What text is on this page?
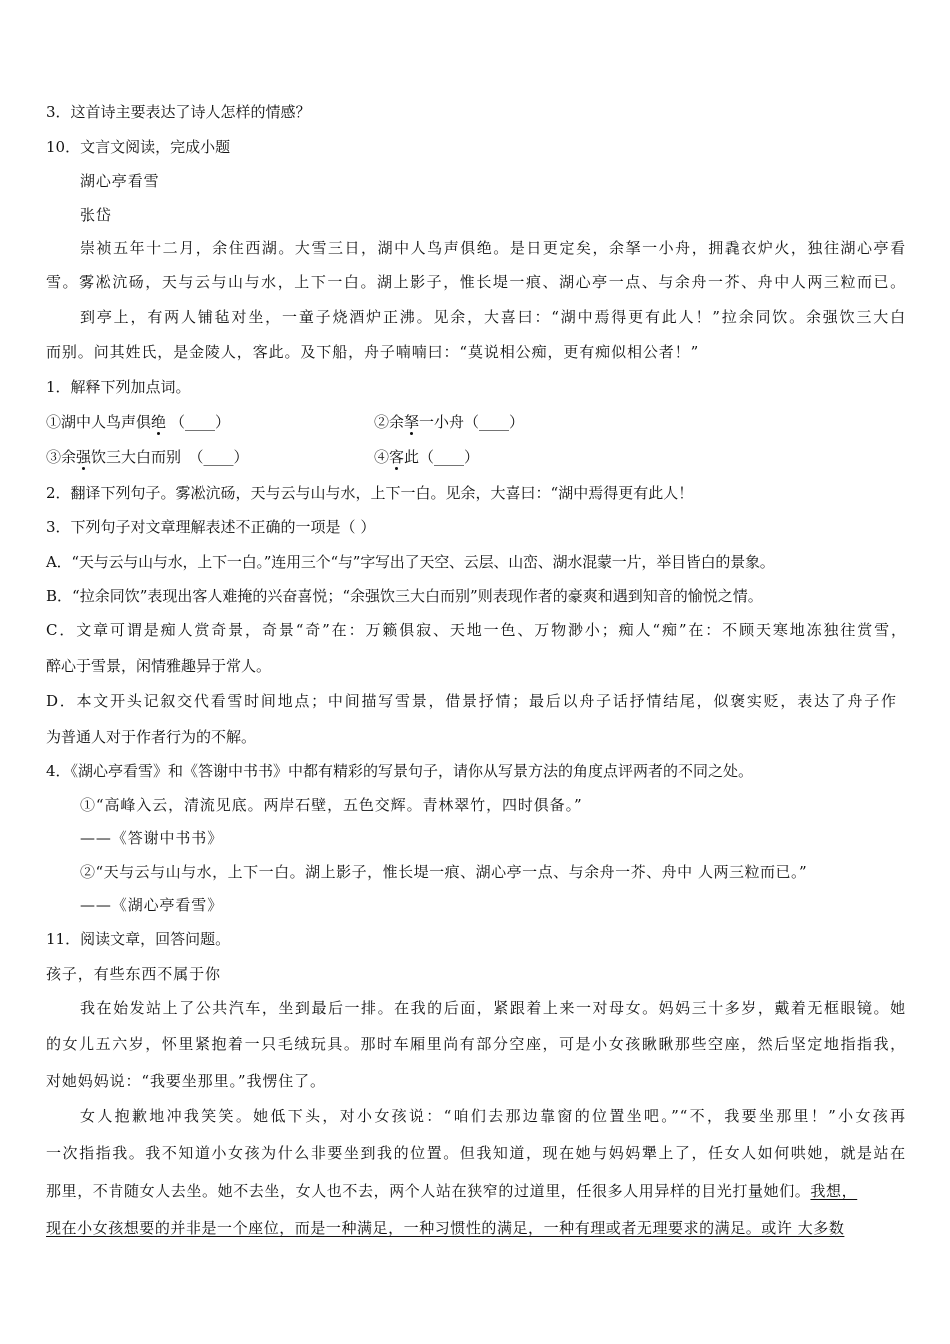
3．这首诗主要表达了诗人怎样的情感？
10．文言文阅读，完成小题
湖心亭看雪
张岱
崇祯五年十二月，余住西湖。大雪三日，湖中人鸟声俱绝。是日更定矣，余拏一小舟，拥毳衣炉火，独往湖心亭看
雪。雾凇沆砀，天与云与山与水，上下一白。湖上影子，惟长堤一痕、湖心亭一点、与余舟一芥、舟中人两三粒而已。
到亭上，有两人铺毡对坐，一童子烧酒炉正沸。见余，大喜曰：“湖中焉得更有此人！”拉余同饮。余强饮三大白
而别。问其姓氏，是金陵人，客此。及下船，舟子喃喃曰：“莫说相公痴，更有痴似相公者！”
1．解释下列加点词。
①湖中人鸟声俱绝 （____）	②余拏一小舟（____）
③余强饮三大白而别　（____）	④客此（____）
2．翻译下列句子。雾凇沆砀，天与云与山与水，上下一白。见余，大喜曰：“湖中焉得更有此人！
3．下列句子对文章理解表述不正确的一项是（ ）
A．“天与云与山与水，上下一白。”连用三个“与”字写出了天空、云层、山峦、湖水混蒙一片，举目皆白的景象。
B．“拉余同饮”表现出客人难掩的兴奋喜悦；“余强饮三大白而别”则表现作者的豪爽和遇到知音的愉悦之情。
C．文章可谓是痴人赏奇景，奇景“奇”在：万籁俱寂、天地一色、万物渺小；痴人“痴”在：不顾天寒地冻独往赏雪，
醉心于雪景，闲情雅趣异于常人。
D．本文开头记叙交代看雪时间地点；中间描写雪景，借景抒情；最后以舟子话抒情结尾，似褒实贬，表达了舟子作
为普通人对于作者行为的不解。
4．《湖心亭看雪》和《答谢中书书》中都有精彩的写景句子，请你从写景方法的角度点评两者的不同之处。
①“高峰入云，清流见底。两岸石壁，五色交辉。青林翠竹，四时俱备。”
——《答谢中书书》
②“天与云与山与水，上下一白。湖上影子，惟长堤一痕、湖心亭一点、与余舟一芥、舟中 人两三粒而已。”
——《湖心亭看雪》
11．阅读文章，回答问题。
孩子，有些东西不属于你
我在始发站上了公共汽车，坐到最后一排。在我的后面，紧跟着上来一对母女。妈妈三十多岁，戴着无框眼镜。她
的女儿五六岁，怀里紧抱着一只毛绒玩具。那时车厢里尚有部分空座，可是小女孩瞅瞅那些空座，然后坚定地指指我，
对她妈妈说：“我要坐那里。”我愣住了。
女人抱歉地冲我笑笑。她低下头，对小女孩说：“咱们去那边靠窗的位置坐吧。”“不，我要坐那里！”小女孩再
一次指指我。我不知道小女孩为什么非要坐到我的位置。但我知道，现在她与妈妈犟上了，任女人如何哄她，就是站在
那里，不肯随女人去坐。她不去坐，女人也不去，两个人站在狭窄的过道里，任很多人用异样的目光打量她们。我想，
现在小女孩想要的并非是一个座位，而是一种满足，一种习惯性的满足，一种有理或者无理要求的满足。或许 大多数
